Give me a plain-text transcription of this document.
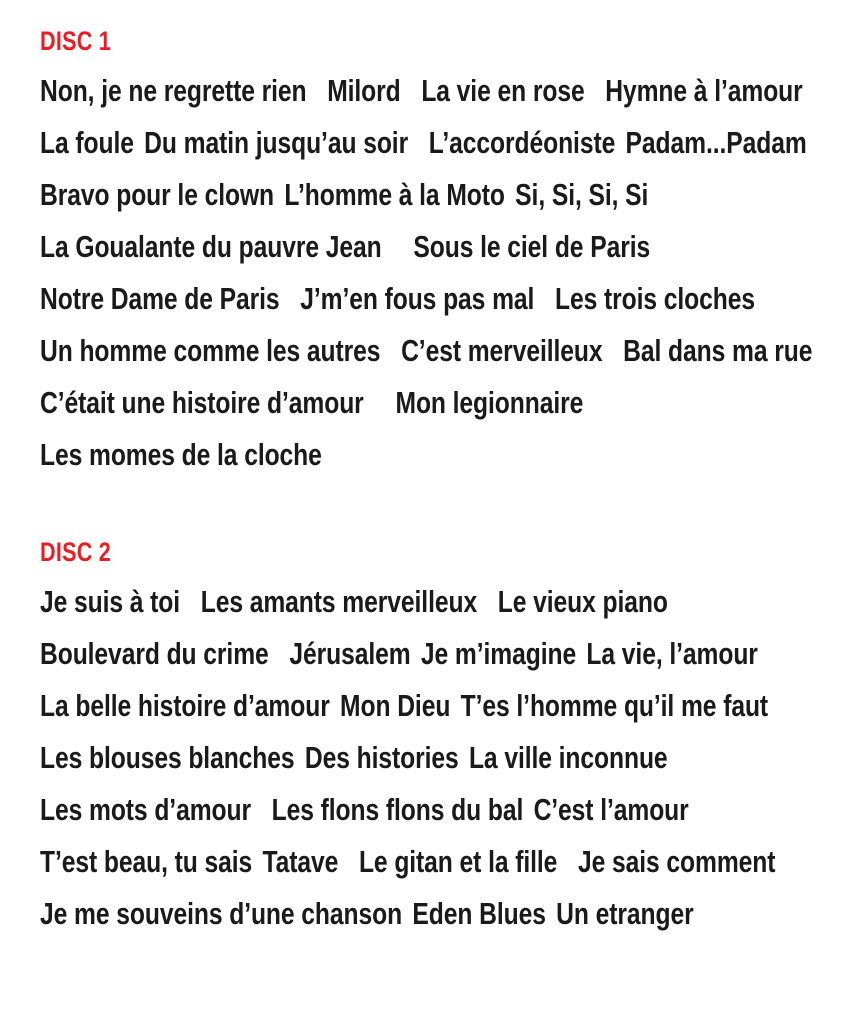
DISC 1
Non, je ne regrette rien Milord La vie en rose Hymne à l’amour
La foule Du matin jusqu’au soir L’accordéoniste Padam...Padam
Bravo pour le clown L’homme à la Moto Si, Si, Si, Si
La Goualante du pauvre Jean Sous le ciel de Paris
Notre Dame de Paris J’m’en fous pas mal Les trois cloches
Un homme comme les autres C’est merveilleux Bal dans ma rue
C’était une histoire d’amour Mon legionnaire
Les momes de la cloche
DISC 2
Je suis à toi Les amants merveilleux Le vieux piano
Boulevard du crime Jérusalem Je m’imagine La vie, l’amour
La belle histoire d’amour Mon Dieu T’es l’homme qu’il me faut
Les blouses blanches Des histories La ville inconnue
Les mots d’amour Les flons flons du bal C’est l’amour
T’est beau, tu sais Tatave Le gitan et la fille Je sais comment
Je me souveins d’une chanson Eden Blues Un etranger
